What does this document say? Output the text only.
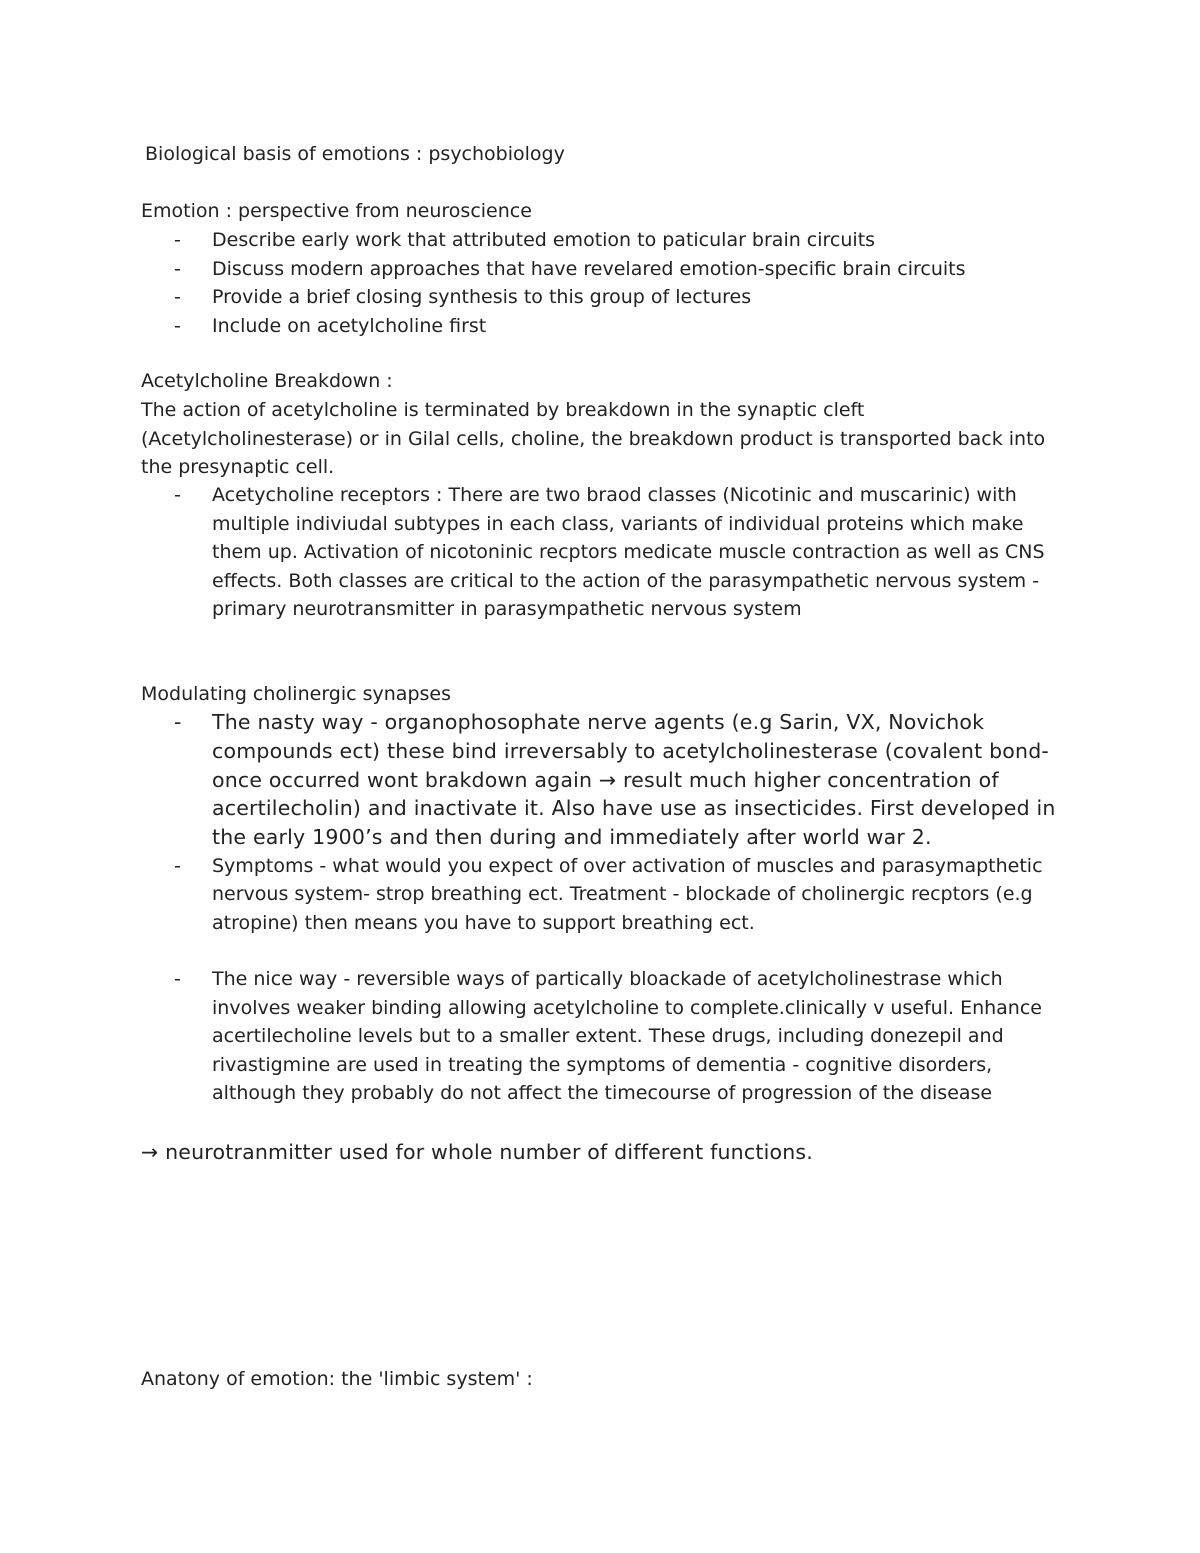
Biological basis of emotions : psychobiology
Emotion : perspective from neuroscience
- Describe early work that attributed emotion to paticular brain circuits
- Discuss modern approaches that have revelared emotion-specific brain circuits
- Provide a brief closing synthesis to this group of lectures
- Include on acetylcholine first
Acetylcholine Breakdown :
The action of acetylcholine is terminated by breakdown in the synaptic cleft (Acetylcholinesterase) or in Gilal cells, choline, the breakdown product is transported back into the presynaptic cell.
- Acetycholine receptors : There are two braod classes (Nicotinic and muscarinic) with multiple indiviudal subtypes in each class, variants of individual proteins which make them up. Activation of nicotoninic recptors medicate muscle contraction as well as CNS effects. Both classes are critical to the action of the parasympathetic nervous system - primary neurotransmitter in parasympathetic nervous system
Modulating cholinergic synapses
- The nasty way - organophosophate nerve agents (e.g Sarin, VX, Novichok compounds ect) these bind irreversably to acetylcholinesterase (covalent bond- once occurred wont brakdown again → result much higher concentration of acertilecholin) and inactivate it. Also have use as insecticides. First developed in the early 1900’s and then during and immediately after world war 2.
- Symptoms - what would you expect of over activation of muscles and parasymapthetic nervous system- strop breathing ect. Treatment - blockade of cholinergic recptors (e.g atropine) then means you have to support breathing ect.
- The nice way - reversible ways of partically bloackade of acetylcholinestrase which involves weaker binding allowing acetylcholine to complete.clinically v useful. Enhance acertilecholine levels but to a smaller extent. These drugs, including donezepil and rivastigmine are used in treating the symptoms of dementia - cognitive disorders, although they probably do not affect the timecourse of progression of the disease
→ neurotranmitter used for whole number of different functions.
Anatony of emotion: the 'limbic system' :
